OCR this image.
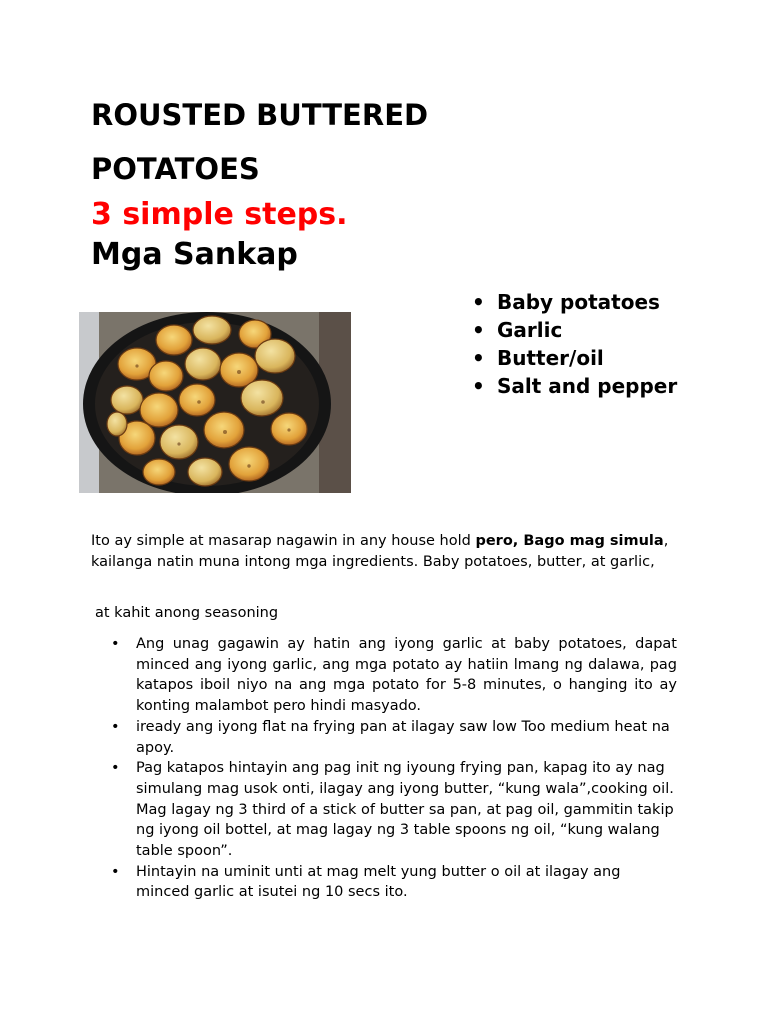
ROUSTED BUTTERED
POTATOES
3 simple steps.
Mga Sankap
• Baby potatoes
• Garlic
• Butter/oil
• Salt and pepper

Ito ay simple at masarap nagawin in any house hold pero, Bago mag simula, kailanga natin muna intong mga ingredients. Baby potatoes, butter, at garlic,

at kahit anong seasoning

• Ang unag gagawin ay hatin ang iyong garlic at baby potatoes, dapat minced ang iyong garlic, ang mga potato ay hatiin lmang ng dalawa, pag katapos iboil niyo na ang mga potato for 5-8 minutes, o hanging ito ay konting malambot pero hindi masyado.
• iready ang iyong flat na frying pan at ilagay saw low Too medium heat na apoy.
• Pag katapos hintayin ang pag init ng iyoung frying pan, kapag ito ay nag simulang mag usok onti, ilagay ang iyong butter, “kung wala”,cooking oil. Mag lagay ng 3 third of a stick of butter sa pan, at pag oil, gammitin takip ng iyong oil bottel, at mag lagay ng 3 table spoons ng oil, “kung walang table spoon”.
• Hintayin na uminit unti at mag melt yung butter o oil at ilagay ang minced garlic at isutei ng 10 secs ito.
